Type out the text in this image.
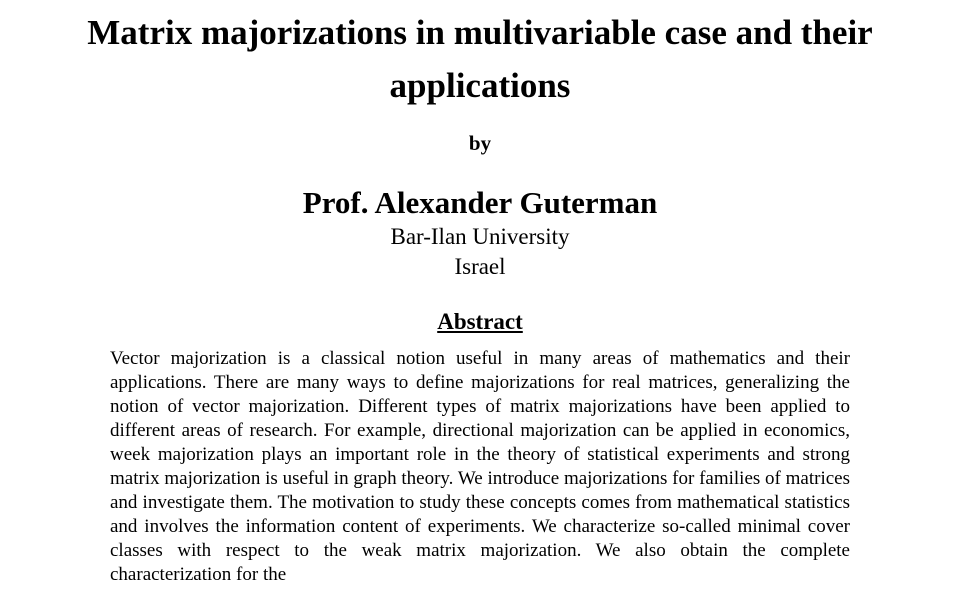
Matrix majorizations in multivariable case and their applications
by
Prof. Alexander Guterman
Bar-Ilan University
Israel
Abstract

Vector majorization is a classical notion useful in many areas of mathematics and their applications. There are many ways to define majorizations for real matrices, generalizing the notion of vector majorization. Different types of matrix majorizations have been applied to different areas of research. For example, directional majorization can be applied in economics, week majorization plays an important role in the theory of statistical experiments and strong matrix majorization is useful in graph theory. We introduce majorizations for families of matrices and investigate them. The motivation to study these concepts comes from mathematical statistics and involves the information content of experiments. We characterize so-called minimal cover classes with respect to the weak matrix majorization. We also obtain the complete characterization for the
